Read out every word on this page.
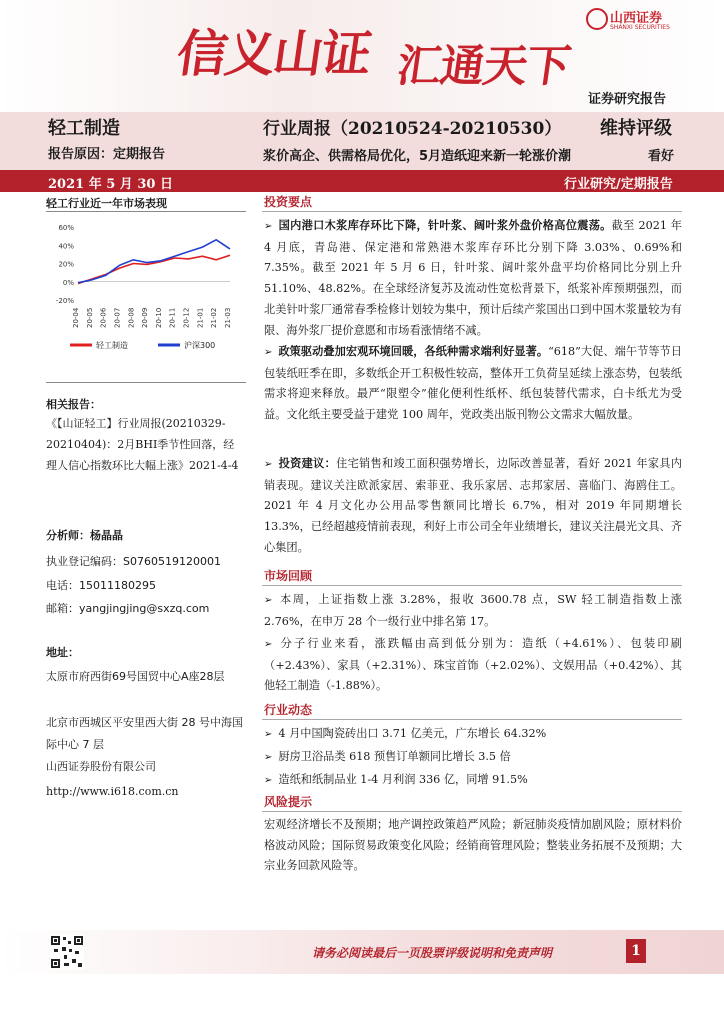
信义山证 汇通天下
山西证券
SHANXI SECURITIES
证券研究报告
轻工制造
报告原因：定期报告
行业周报（20210524-20210530） 维持评级
浆价高企、供需格局优化，5月造纸迎来新一轮涨价潮	看好
2021 年 5 月 30 日	行业研究/定期报告
轻工行业近一年市场表现
60%
40%
20%
0%
-20%
20-04 20-05 20-06 20-07 20-08 20-09 20-10 20-11 20-12 21-01 21-02 21-03
轻工制造	沪深300
相关报告：
《【山证轻工】行业周报(20210329-20210404)：2月BHI季节性回落，经理人信心指数环比大幅上涨》2021-4-4
分析师：杨晶晶
执业登记编码：S0760519120001
电话：15011180295
邮箱：yangjingjing@sxzq.com
地址：
太原市府西街69号国贸中心A座28层
北京市西城区平安里西大街 28 号中海国际中心 7 层
山西证券股份有限公司
http://www.i618.com.cn
投资要点
➢ 国内港口木浆库存环比下降，针叶浆、阔叶浆外盘价格高位震荡。截至 2021 年 4 月底，青岛港、保定港和常熟港木浆库存环比分别下降 3.03%、0.69%和 7.35%。截至 2021 年 5 月 6 日，针叶浆、阔叶浆外盘平均价格同比分别上升 51.10%、48.82%。在全球经济复苏及流动性宽松背景下，纸浆补库预期强烈，而北美针叶浆厂通常春季检修计划较为集中，预计后续产浆国出口到中国木浆量较为有限、海外浆厂提价意愿和市场看涨情绪不减。
➢ 政策驱动叠加宏观环境回暖，各纸种需求端利好显著。“618”大促、端午节等节日包装纸旺季在即，多数纸企开工积极性较高，整体开工负荷呈延续上涨态势，包装纸需求将迎来释放。最严“限塑令”催化便利性纸杯、纸包装替代需求，白卡纸尤为受益。文化纸主要受益于建党 100 周年，党政类出版刊物公文需求大幅放量。
➢ 投资建议：住宅销售和竣工面积强势增长，边际改善显著，看好 2021 年家具内销表现。建议关注欧派家居、索菲亚、我乐家居、志邦家居、喜临门、海鸥住工。2021 年 4 月文化办公用品零售额同比增长 6.7%，相对 2019 年同期增长 13.3%，已经超越疫情前表现，利好上市公司全年业绩增长，建议关注晨光文具、齐心集团。
市场回顾
➢ 本周，上证指数上涨 3.28%，报收 3600.78 点，SW 轻工制造指数上涨 2.76%，在申万 28 个一级行业中排名第 17。
➢ 分子行业来看，涨跌幅由高到低分别为：造纸（+4.61%）、包装印刷（+2.43%）、家具（+2.31%）、珠宝首饰（+2.02%）、文娱用品（+0.42%）、其他轻工制造（-1.88%）。
行业动态
➢ 4 月中国陶瓷砖出口 3.71 亿美元，广东增长 64.32%
➢ 厨房卫浴品类 618 预售订单额同比增长 3.5 倍
➢ 造纸和纸制品业 1-4 月利润 336 亿，同增 91.5%
风险提示
宏观经济增长不及预期；地产调控政策趋严风险；新冠肺炎疫情加剧风险；原材料价格波动风险；国际贸易政策变化风险；经销商管理风险；整装业务拓展不及预期；大宗业务回款风险等。
请务必阅读最后一页股票评级说明和免责声明	1
